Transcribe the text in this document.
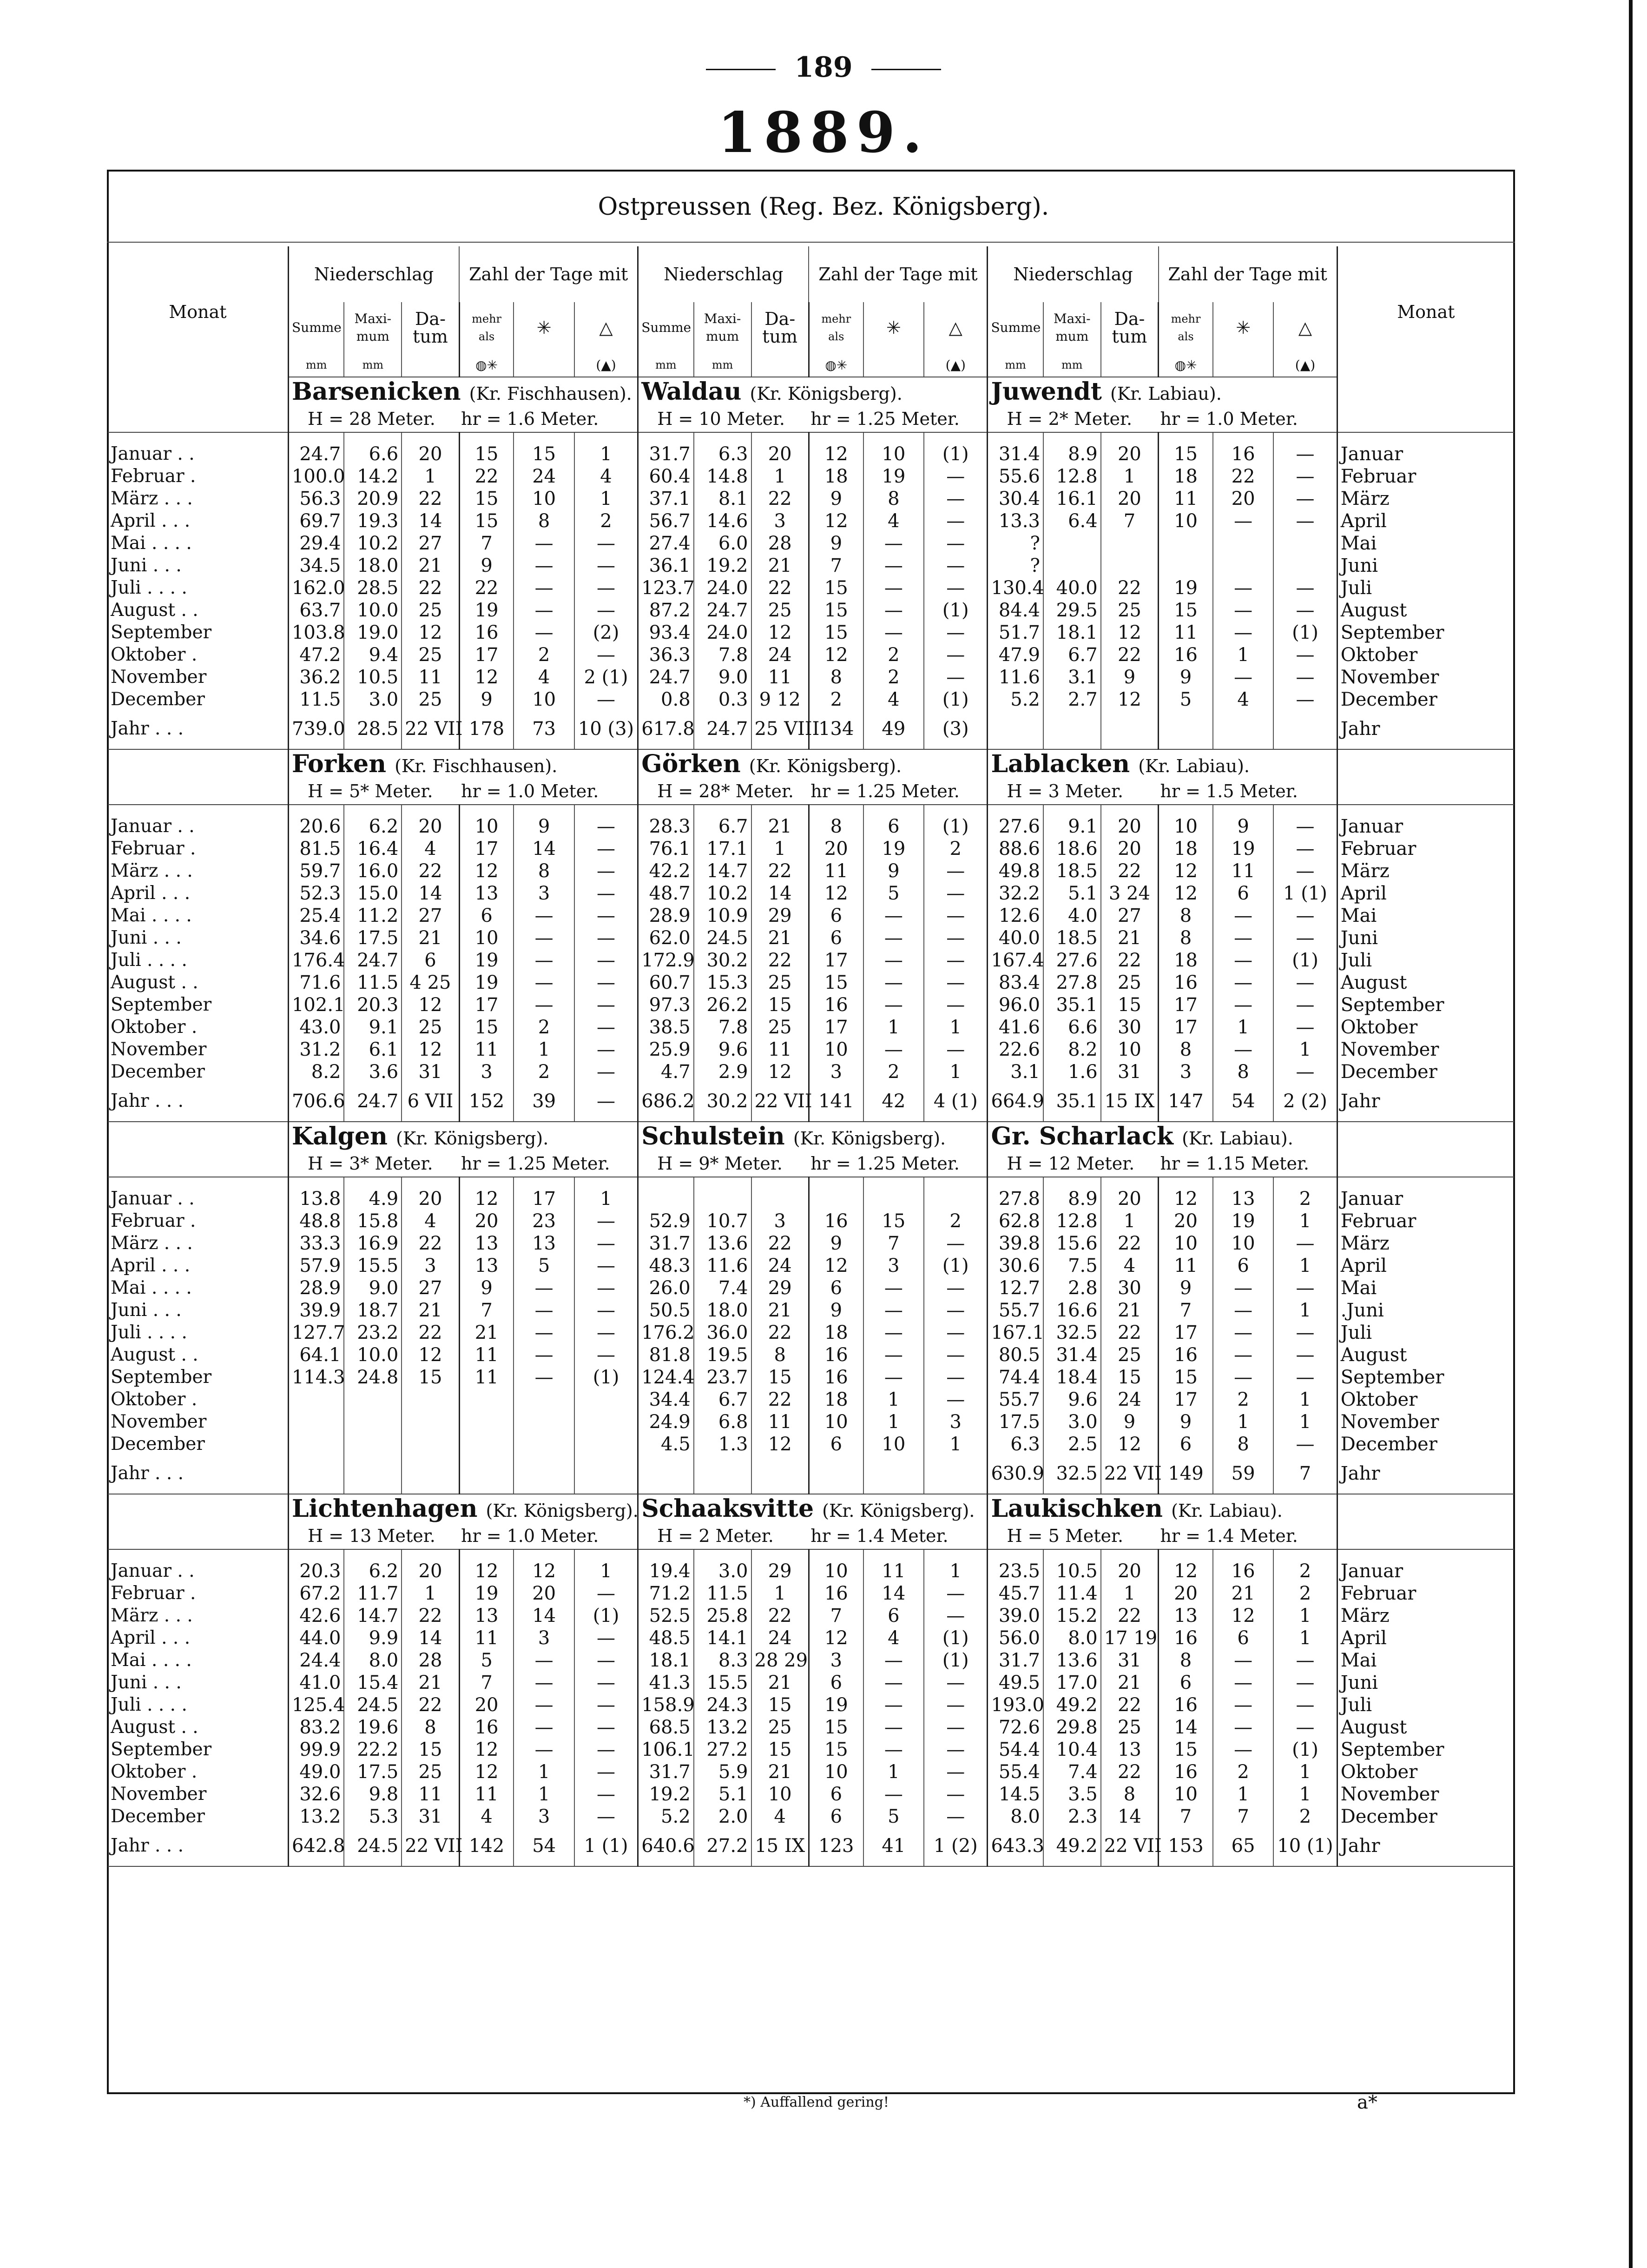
189
1889.
Ostpreussen (Reg. Bez. Königsberg).
Monat	Niederschlag			Zahl der Tage mit			Niederschlag			Zahl der Tage mit			Niederschlag			Zahl der Tage mit			Monat
	Summe	Maxi- mum	Da- tum	mehr als	✳	△	Summe	Maxi- mum	Da- tum	mehr als	✳	△	Summe	Maxi- mum	Da- tum	mehr als	✳	△	
	mm	mm		◍✳		(▲)	mm	mm		◍✳		(▲)	mm	mm		◍✳		(▲)	
	Barsenicken (Kr. Fischhausen).						Waldau (Kr. Königsberg).						Juwendt (Kr. Labiau).						
	H = 28 Meter. hr = 1.6 Meter.						H = 10 Meter. hr = 1.25 Meter.						H = 2* Meter. hr = 1.0 Meter.						

Januar . .	24.7	6.6	20	15	15	1	31.7	6.3	20	12	10	(1)	31.4	8.9	20	15	16	—	Januar
Februar .	100.0	14.2	1	22	24	4	60.4	14.8	1	18	19	—	55.6	12.8	1	18	22	—	Februar
März . . .	56.3	20.9	22	15	10	1	37.1	8.1	22	9	8	—	30.4	16.1	20	11	20	—	März
April . . .	69.7	19.3	14	15	8	2	56.7	14.6	3	12	4	—	13.3	6.4	7	10	—	—	April
Mai . . . .	29.4	10.2	27	7	—	—	27.4	6.0	28	9	—	—	?						Mai
Juni . . .	34.5	18.0	21	9	—	—	36.1	19.2	21	7	—	—	?						Juni
Juli . . . .	162.0	28.5	22	22	—	—	123.7	24.0	22	15	—	—	130.4	40.0	22	19	—	—	Juli
August . .	63.7	10.0	25	19	—	—	87.2	24.7	25	15	—	(1)	84.4	29.5	25	15	—	—	August
September	103.8	19.0	12	16	—	(2)	93.4	24.0	12	15	—	—	51.7	18.1	12	11	—	(1)	September
Oktober .	47.2	9.4	25	17	2	—	36.3	7.8	24	12	2	—	47.9	6.7	22	16	1	—	Oktober
November	36.2	10.5	11	12	4	2 (1)	24.7	9.0	11	8	2	—	11.6	3.1	9	9	—	—	November
December	11.5	3.0	25	9	10	—	0.8	0.3	9 12	2	4	(1)	5.2	2.7	12	5	4	—	December
Jahr . . .	739.0	28.5	22 VII	178	73	10 (3)	617.8	24.7	25 VIII	134	49	(3)							Jahr
	Forken (Kr. Fischhausen).						Görken (Kr. Königsberg).						Lablacken (Kr. Labiau).						
	H = 5* Meter. hr = 1.0 Meter.						H = 28* Meter. hr = 1.25 Meter.						H = 3 Meter. hr = 1.5 Meter.						

Januar . .	20.6	6.2	20	10	9	—	28.3	6.7	21	8	6	(1)	27.6	9.1	20	10	9	—	Januar
Februar .	81.5	16.4	4	17	14	—	76.1	17.1	1	20	19	2	88.6	18.6	20	18	19	—	Februar
März . . .	59.7	16.0	22	12	8	—	42.2	14.7	22	11	9	—	49.8	18.5	22	12	11	—	März
April . . .	52.3	15.0	14	13	3	—	48.7	10.2	14	12	5	—	32.2	5.1	3 24	12	6	1 (1)	April
Mai . . . .	25.4	11.2	27	6	—	—	28.9	10.9	29	6	—	—	12.6	4.0	27	8	—	—	Mai
Juni . . .	34.6	17.5	21	10	—	—	62.0	24.5	21	6	—	—	40.0	18.5	21	8	—	—	Juni
Juli . . . .	176.4	24.7	6	19	—	—	172.9	30.2	22	17	—	—	167.4	27.6	22	18	—	(1)	Juli
August . .	71.6	11.5	4 25	19	—	—	60.7	15.3	25	15	—	—	83.4	27.8	25	16	—	—	August
September	102.1	20.3	12	17	—	—	97.3	26.2	15	16	—	—	96.0	35.1	15	17	—	—	September
Oktober .	43.0	9.1	25	15	2	—	38.5	7.8	25	17	1	1	41.6	6.6	30	17	1	—	Oktober
November	31.2	6.1	12	11	1	—	25.9	9.6	11	10	—	—	22.6	8.2	10	8	—	1	November
December	8.2	3.6	31	3	2	—	4.7	2.9	12	3	2	1	3.1	1.6	31	3	8	—	December
Jahr . . .	706.6	24.7	6 VII	152	39	—	686.2	30.2	22 VII	141	42	4 (1)	664.9	35.1	15 IX	147	54	2 (2)	Jahr
	Kalgen (Kr. Königsberg).						Schulstein (Kr. Königsberg).						Gr. Scharlack (Kr. Labiau).						
	H = 3* Meter. hr = 1.25 Meter.						H = 9* Meter. hr = 1.25 Meter.						H = 12 Meter. hr = 1.15 Meter.						

Januar . .	13.8	4.9	20	12	17	1							27.8	8.9	20	12	13	2	Januar
Februar .	48.8	15.8	4	20	23	—	52.9	10.7	3	16	15	2	62.8	12.8	1	20	19	1	Februar
März . . .	33.3	16.9	22	13	13	—	31.7	13.6	22	9	7	—	39.8	15.6	22	10	10	—	März
April . . .	57.9	15.5	3	13	5	—	48.3	11.6	24	12	3	(1)	30.6	7.5	4	11	6	1	April
Mai . . . .	28.9	9.0	27	9	—	—	26.0	7.4	29	6	—	—	12.7	2.8	30	9	—	—	Mai
Juni . . .	39.9	18.7	21	7	—	—	50.5	18.0	21	9	—	—	55.7	16.6	21	7	—	1	.Juni
Juli . . . .	127.7	23.2	22	21	—	—	176.2	36.0	22	18	—	—	167.1	32.5	22	17	—	—	Juli
August . .	64.1	10.0	12	11	—	—	81.8	19.5	8	16	—	—	80.5	31.4	25	16	—	—	August
September	114.3	24.8	15	11	—	(1)	124.4	23.7	15	16	—	—	74.4	18.4	15	15	—	—	September
Oktober .							34.4	6.7	22	18	1	—	55.7	9.6	24	17	2	1	Oktober
November							24.9	6.8	11	10	1	3	17.5	3.0	9	9	1	1	November
December							4.5	1.3	12	6	10	1	6.3	2.5	12	6	8	—	December
Jahr . . .													630.9	32.5	22 VII	149	59	7	Jahr
	Lichtenhagen (Kr. Königsberg).						Schaaksvitte (Kr. Königsberg).						Laukischken (Kr. Labiau).						
	H = 13 Meter. hr = 1.0 Meter.						H = 2 Meter. hr = 1.4 Meter.						H = 5 Meter. hr = 1.4 Meter.						

Januar . .	20.3	6.2	20	12	12	1	19.4	3.0	29	10	11	1	23.5	10.5	20	12	16	2	Januar
Februar .	67.2	11.7	1	19	20	—	71.2	11.5	1	16	14	—	45.7	11.4	1	20	21	2	Februar
März . . .	42.6	14.7	22	13	14	(1)	52.5	25.8	22	7	6	—	39.0	15.2	22	13	12	1	März
April . . .	44.0	9.9	14	11	3	—	48.5	14.1	24	12	4	(1)	56.0	8.0	17 19	16	6	1	April
Mai . . . .	24.4	8.0	28	5	—	—	18.1	8.3	28 29	3	—	(1)	31.7	13.6	31	8	—	—	Mai
Juni . . .	41.0	15.4	21	7	—	—	41.3	15.5	21	6	—	—	49.5	17.0	21	6	—	—	Juni
Juli . . . .	125.4	24.5	22	20	—	—	158.9	24.3	15	19	—	—	193.0	49.2	22	16	—	—	Juli
August . .	83.2	19.6	8	16	—	—	68.5	13.2	25	15	—	—	72.6	29.8	25	14	—	—	August
September	99.9	22.2	15	12	—	—	106.1	27.2	15	15	—	—	54.4	10.4	13	15	—	(1)	September
Oktober .	49.0	17.5	25	12	1	—	31.7	5.9	21	10	1	—	55.4	7.4	22	16	2	1	Oktober
November	32.6	9.8	11	11	1	—	19.2	5.1	10	6	—	—	14.5	3.5	8	10	1	1	November
December	13.2	5.3	31	4	3	—	5.2	2.0	4	6	5	—	8.0	2.3	14	7	7	2	December
Jahr . . .	642.8	24.5	22 VII	142	54	1 (1)	640.6	27.2	15 IX	123	41	1 (2)	643.3	49.2	22 VII	153	65	10 (1)	Jahr
*) Auffallend gering!	a*
